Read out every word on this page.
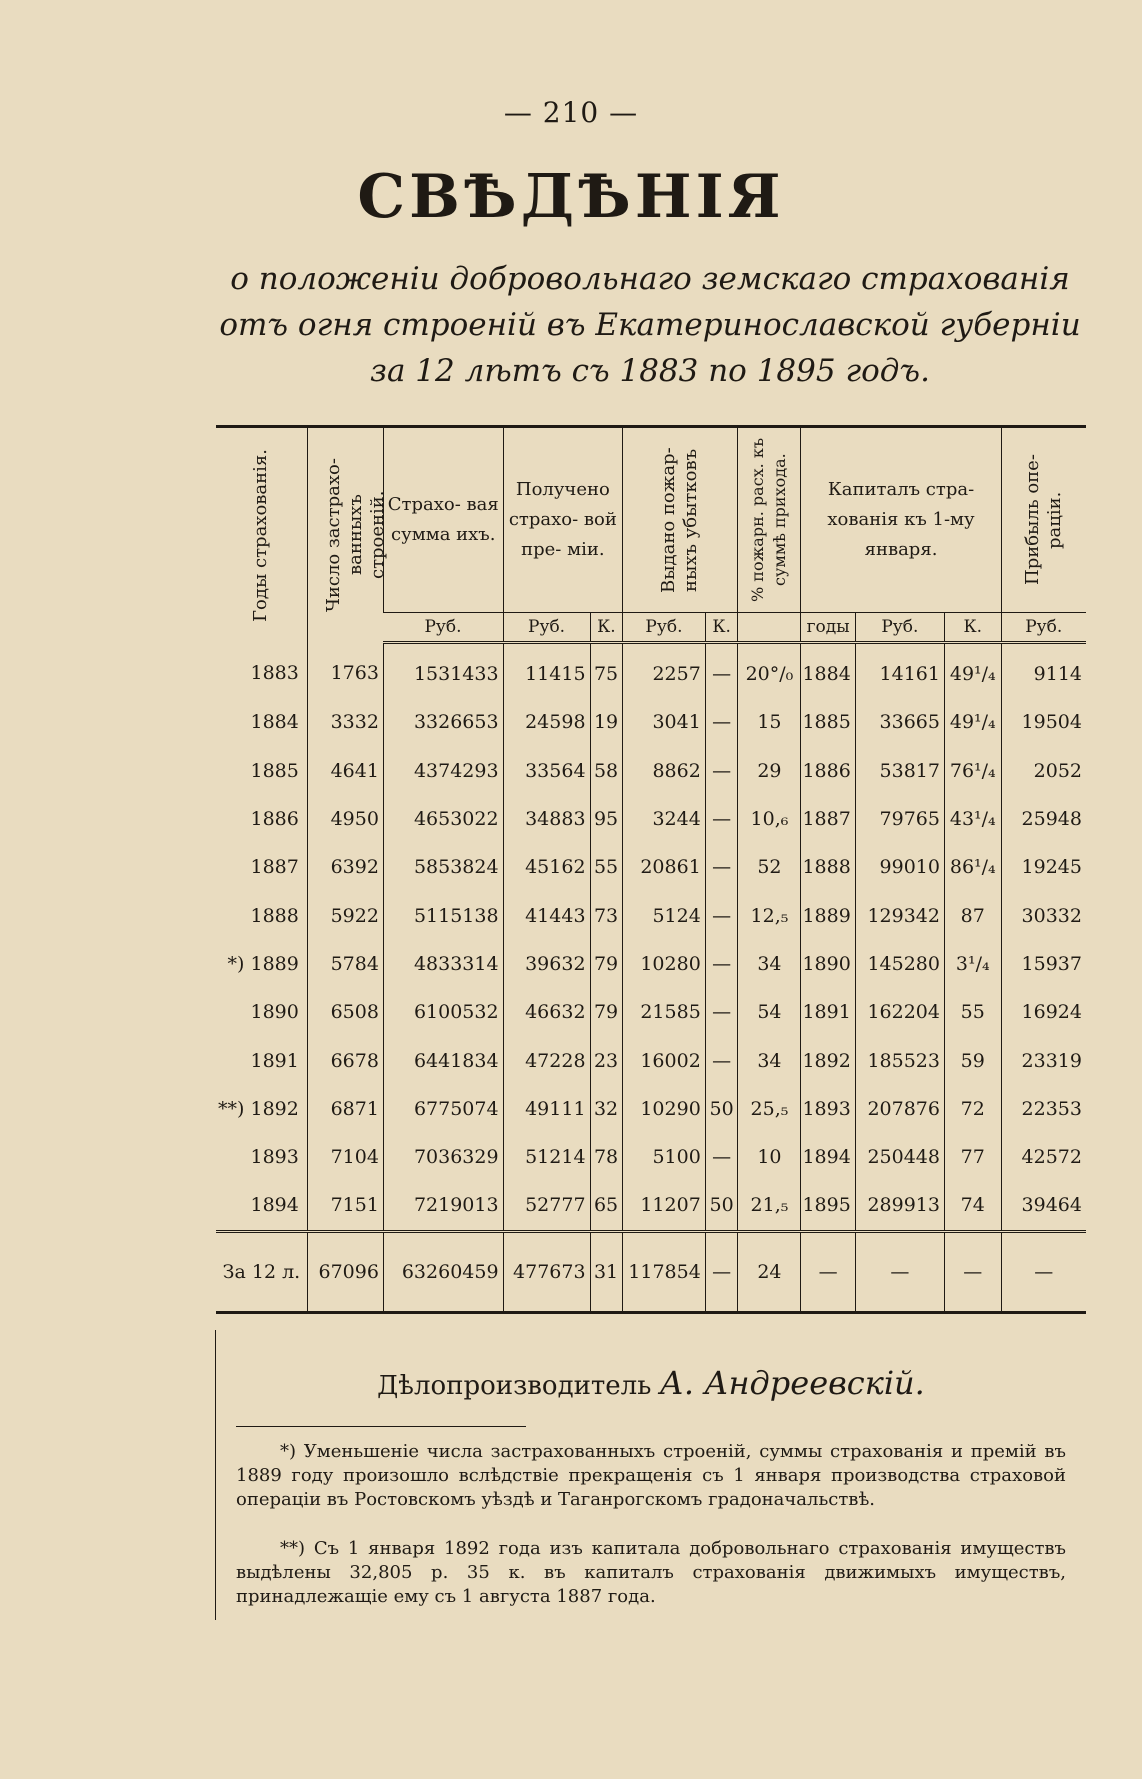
— 210 —
СВѢДѢНІЯ
о положеніи добровольнаго земскаго страхованія отъ огня строеній въ Екатеринославской губерніи за 12 лѣтъ съ 1883 по 1895 годъ.
Годы страхованія.	Число застрахо- ванныхъ строеній.	Страхо- вая сумма ихъ.	Получено страхо- вой пре- міи.		Выдано пожар- ныхъ убытковъ		% пожарн. расх. къ суммѣ прихода.	Капиталъ стра- хованія къ 1-му января.			Прибыль опе- раціи.

		Руб.	Руб.	К.	Руб.	К.		годы	Руб.	К.	Руб.
1883	1763	1531433	11415	75	2257	—	20°/₀	1884	14161	49¹/₄	9114
1884	3332	3326653	24598	19	3041	—	15	1885	33665	49¹/₄	19504
1885	4641	4374293	33564	58	8862	—	29	1886	53817	76¹/₄	2052
1886	4950	4653022	34883	95	3244	—	10,₆	1887	79765	43¹/₄	25948
1887	6392	5853824	45162	55	20861	—	52	1888	99010	86¹/₄	19245
1888	5922	5115138	41443	73	5124	—	12,₅	1889	129342	87	30332
*) 1889	5784	4833314	39632	79	10280	—	34	1890	145280	3¹/₄	15937
1890	6508	6100532	46632	79	21585	—	54	1891	162204	55	16924
1891	6678	6441834	47228	23	16002	—	34	1892	185523	59	23319
**) 1892	6871	6775074	49111	32	10290	50	25,₅	1893	207876	72	22353
1893	7104	7036329	51214	78	5100	—	10	1894	250448	77	42572
1894	7151	7219013	52777	65	11207	50	21,₅	1895	289913	74	39464
За 12 л.	67096	63260459	477673	31	117854	—	24	—	—	—	—
Дѣлопроизводитель А. Андреевскій.
*) Уменьшеніе числа застрахованныхъ строеній, суммы страхованія и премій въ 1889 году произошло вслѣдствіе прекращенія съ 1 января производства страховой операціи въ Ростовскомъ уѣздѣ и Таганрогскомъ градоначальствѣ.
**) Съ 1 января 1892 года изъ капитала добровольнаго страхованія имуществъ выдѣлены 32,805 р. 35 к. въ капиталъ страхованія движимыхъ имуществъ, принадлежащіе ему съ 1 августа 1887 года.
